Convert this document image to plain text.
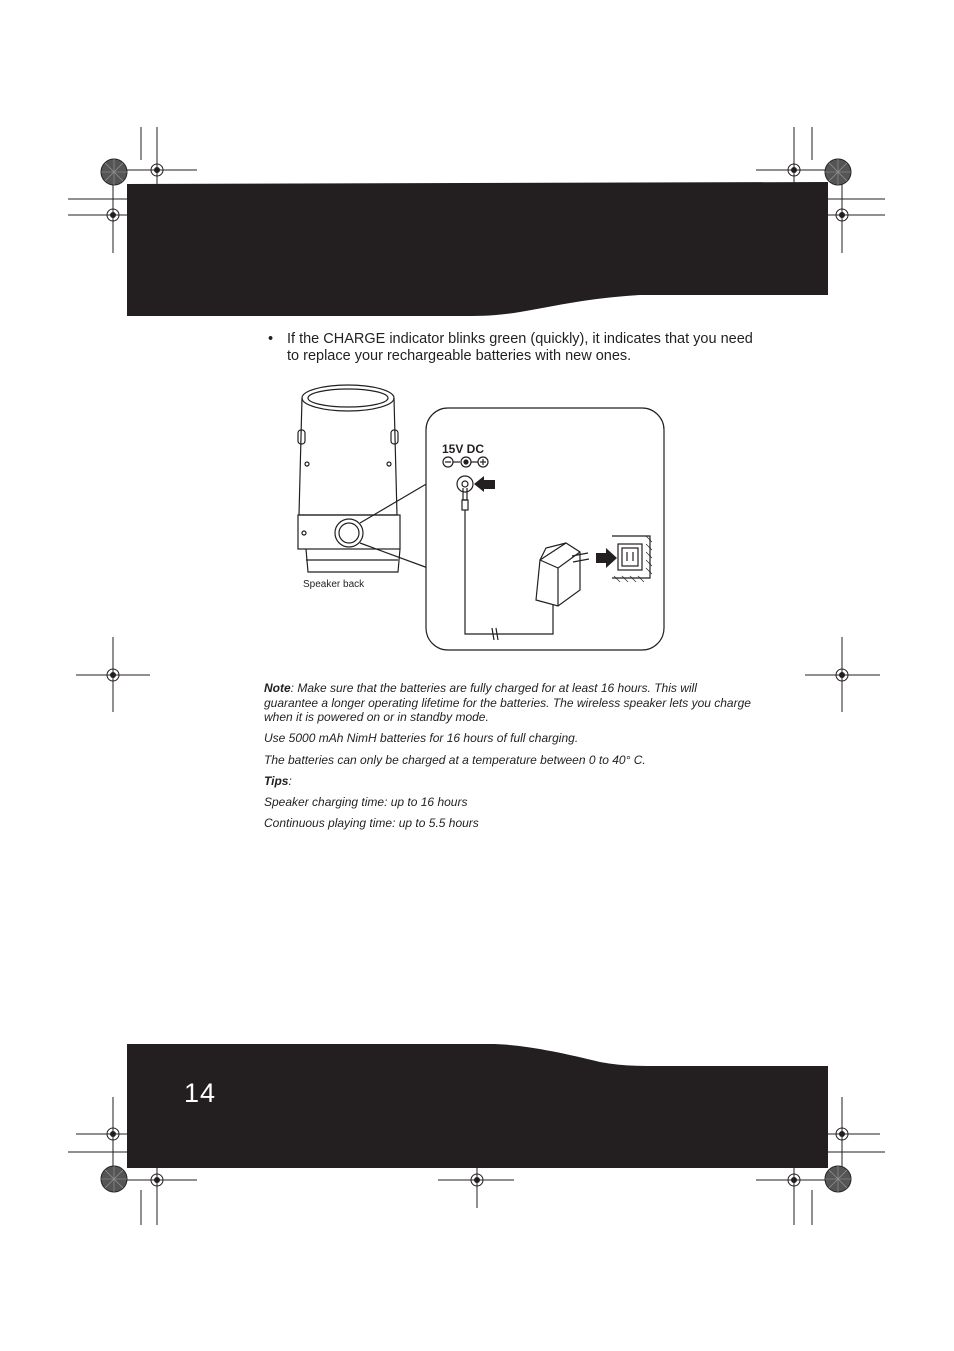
• If the CHARGE indicator blinks green (quickly), it indicates that you need to replace your rechargeable batteries with new ones.
15V DC
Speaker back

Note: Make sure that the batteries are fully charged for at least 16 hours. This will guarantee a longer operating lifetime for the batteries. The wireless speaker lets you charge when it is powered on or in standby mode.

Use 5000 mAh NimH batteries for 16 hours of full charging.

The batteries can only be charged at a temperature between 0 to 40° C.

Tips:

Speaker charging time: up to 16 hours

Continuous playing time: up to 5.5 hours

14
